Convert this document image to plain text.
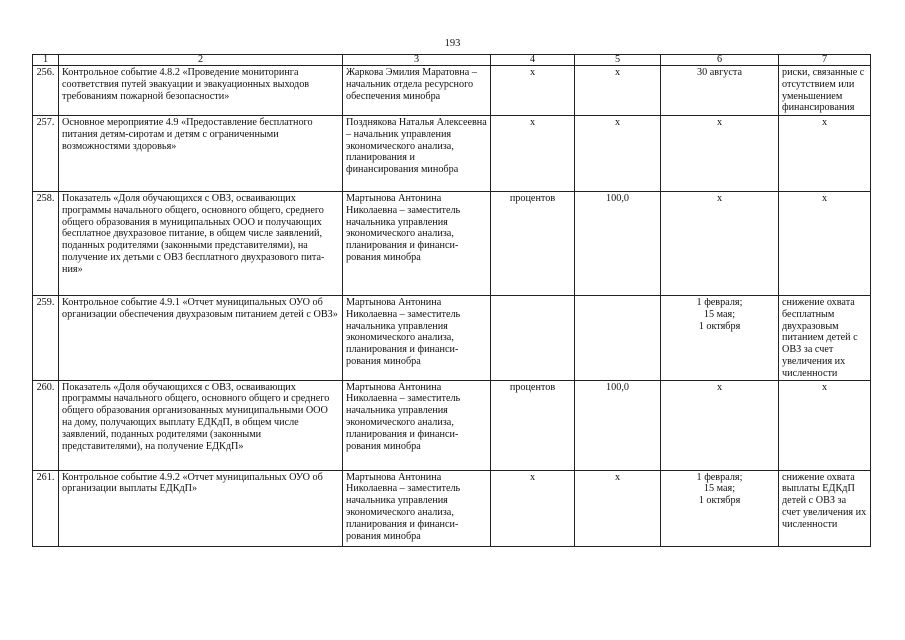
193
1	2	3	4	5	6	7
256.	Контрольное событие 4.8.2 «Проведение мониторинга соответствия путей эвакуации и эвакуационных выходов требованиям пожарной безопасности»	Жаркова Эмилия Маратовна – начальник отдела ресурсного обеспечения минобра	х	х	30 августа	риски, связанные с отсутствием или уменьшением финансирования
257.	Основное мероприятие 4.9 «Предоставление бесплатного питания детям-сиротам и детям с ограниченными возможностями здоровья»	Позднякова Наталья Алексеевна – начальник управления экономического анализа, планирования и финансирования минобра	х	х	х	х
258.	Показатель «Доля обучающихся с ОВЗ, осваивающих программы начального общего, основного общего, среднего общего образования в муниципальных ООО и получающих бесплатное двухразовое питание, в общем числе заявлений, поданных родителями (законными представителями), на получение их детьми с ОВЗ бесплатного двухразового питания»	Мартынова Антонина Николаевна – заместитель начальника управления экономического анализа, планирования и финансирования минобра	процентов	100,0	х	х
259.	Контрольное событие 4.9.1 «Отчет муниципальных ОУО об организации обеспечения двухразовым питанием детей с ОВЗ»	Мартынова Антонина Николаевна – заместитель начальника управления экономического анализа, планирования и финансирования минобра			1 февраля;
15 мая;
1 октября	снижение охвата бесплатным двухразовым питанием детей с ОВЗ за счет увеличения их численности
260.	Показатель «Доля обучающихся с ОВЗ, осваивающих программы начального общего, основного общего и среднего общего образования организованных муниципальными ООО на дому, получающих выплату ЕДКдП, в общем числе заявлений, поданных родителями (законными представителями), на получение ЕДКдП»	Мартынова Антонина Николаевна – заместитель начальника управления экономического анализа, планирования и финансирования минобра	процентов	100,0	х	х
261.	Контрольное событие 4.9.2 «Отчет муниципальных ОУО об организации выплаты ЕДКдП»	Мартынова Антонина Николаевна – заместитель начальника управления экономического анализа, планирования и финансирования минобра	х	х	1 февраля;
15 мая;
1 октября	снижение охвата выплаты ЕДКдП детей с ОВЗ за счет увеличения их численности
